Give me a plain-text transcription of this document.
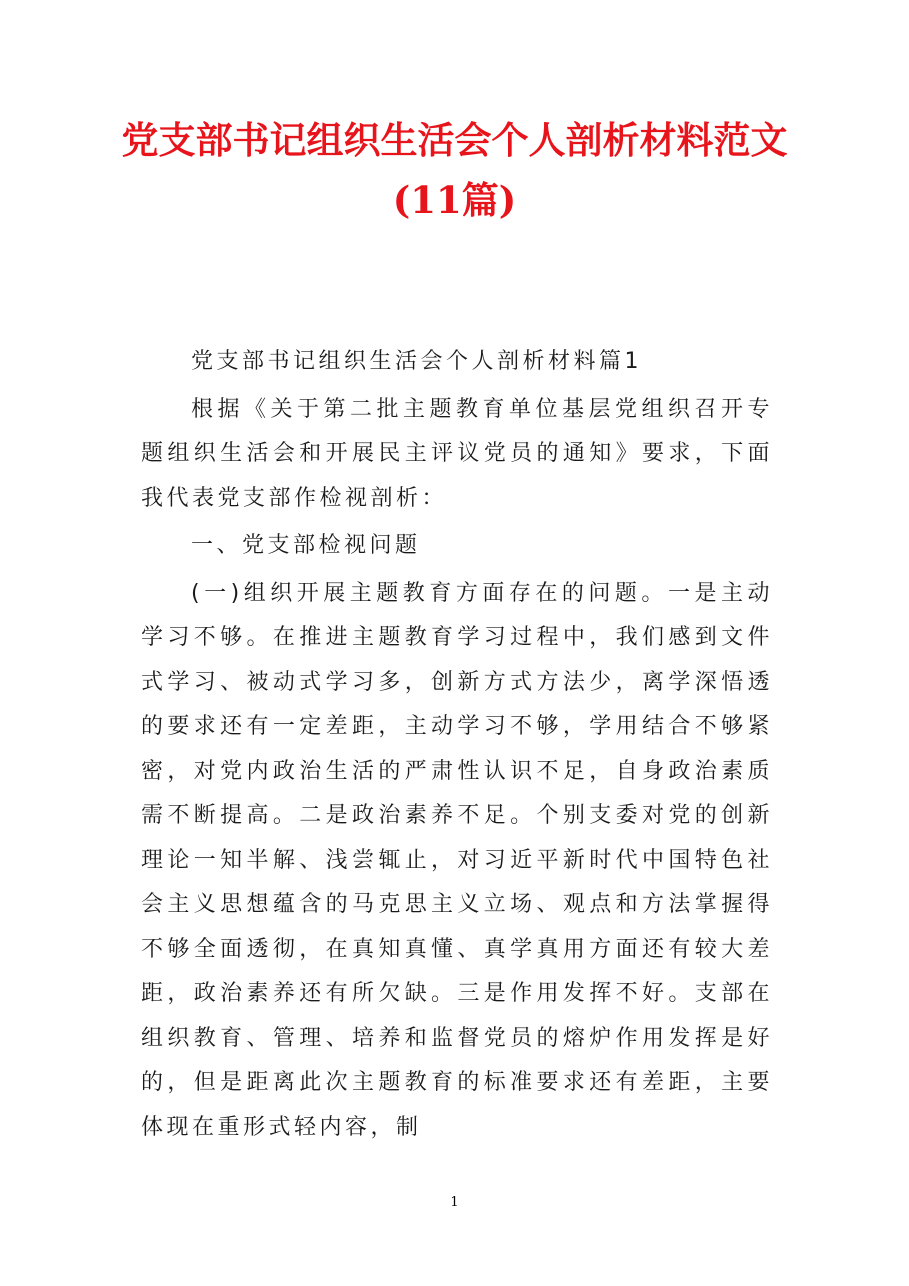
党支部书记组织生活会个人剖析材料范文
(11篇)

党支部书记组织生活会个人剖析材料篇1

根据《关于第二批主题教育单位基层党组织召开专题组织生活会和开展民主评议党员的通知》要求，下面我代表党支部作检视剖析：

一、党支部检视问题

(一)组织开展主题教育方面存在的问题。一是主动学习不够。在推进主题教育学习过程中，我们感到文件式学习、被动式学习多，创新方式方法少，离学深悟透的要求还有一定差距，主动学习不够，学用结合不够紧密，对党内政治生活的严肃性认识不足，自身政治素质需不断提高。二是政治素养不足。个别支委对党的创新理论一知半解、浅尝辄止，对习近平新时代中国特色社会主义思想蕴含的马克思主义立场、观点和方法掌握得不够全面透彻，在真知真懂、真学真用方面还有较大差距，政治素养还有所欠缺。三是作用发挥不好。支部在组织教育、管理、培养和监督党员的熔炉作用发挥是好的，但是距离此次主题教育的标准要求还有差距，主要体现在重形式轻内容，制

1
